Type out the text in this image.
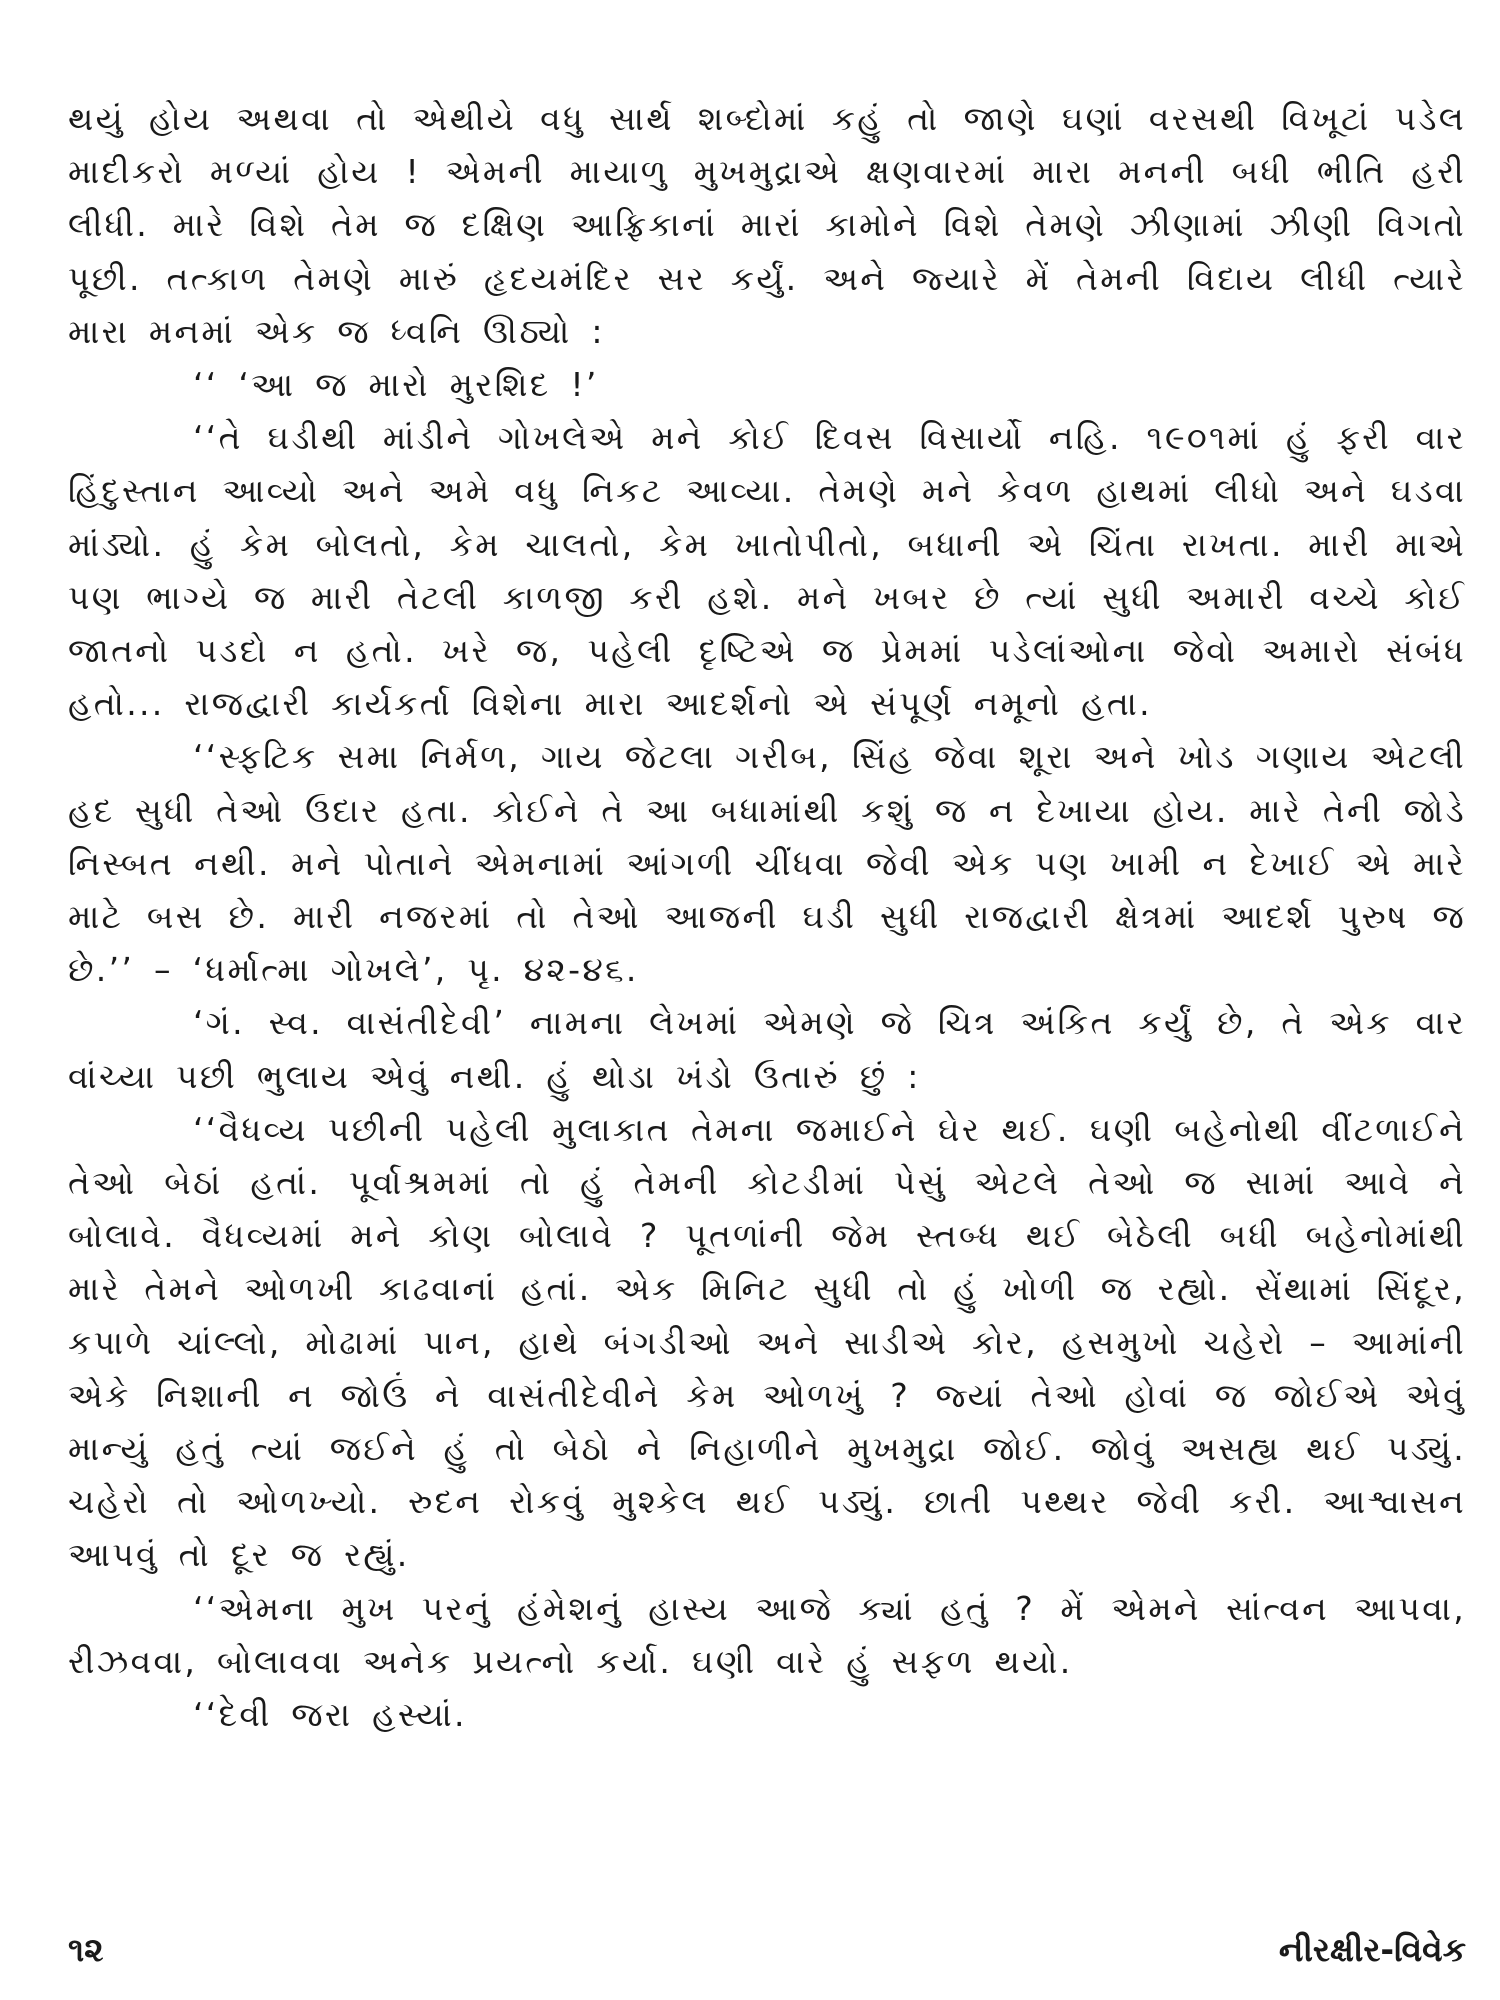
થયું હોય અથવા તો એથીયે વધુ સાર્થ શબ્દોમાં કહું તો જાણે ઘણાં વરસથી વિખૂટાં પડેલ માદીકરો મળ્યાં હોય ! એમની માયાળુ મુખમુદ્રાએ ક્ષણવારમાં મારા મનની બધી ભીતિ હરી લીધી. મારે વિશે તેમ જ દક્ષિણ આફ્રિકાનાં મારાં કામોને વિશે તેમણે ઝીણામાં ઝીણી વિગતો પૂછી. તત્કાળ તેમણે મારું હૃદયમંદિર સર કર્યું. અને જ્યારે મેં તેમની વિદાય લીધી ત્યારે મારા મનમાં એક જ ધ્વનિ ઊઠ્યો :

‘‘ ‘આ જ મારો મુરશિદ !’

‘‘તે ઘડીથી માંડીને ગોખલેએ મને કોઈ દિવસ વિસાર્યો નહિ. ૧૯૦૧માં હું ફરી વાર હિંદુસ્તાન આવ્યો અને અમે વધુ નિકટ આવ્યા. તેમણે મને કેવળ હાથમાં લીધો અને ઘડવા માંડ્યો. હું કેમ બોલતો, કેમ ચાલતો, કેમ ખાતોપીતો, બધાની એ ચિંતા રાખતા. મારી માએ પણ ભાગ્યે જ મારી તેટલી કાળજી કરી હશે. મને ખબર છે ત્યાં સુધી અમારી વચ્ચે કોઈ જાતનો પડદો ન હતો. ખરે જ, પહેલી દૃષ્ટિએ જ પ્રેમમાં પડેલાંઓના જેવો અમારો સંબંધ હતો... રાજદ્વારી કાર્યકર્તા વિશેના મારા આદર્શનો એ સંપૂર્ણ નમૂનો હતા.

‘‘સ્ફટિક સમા નિર્મળ, ગાય જેટલા ગરીબ, સિંહ જેવા શૂરા અને ખોડ ગણાય એટલી હદ સુધી તેઓ ઉદાર હતા. કોઈને તે આ બધામાંથી કશું જ ન દેખાયા હોય. મારે તેની જોડે નિસ્બત નથી. મને પોતાને એમનામાં આંગળી ચીંધવા જેવી એક પણ ખામી ન દેખાઈ એ મારે માટે બસ છે. મારી નજરમાં તો તેઓ આજની ઘડી સુધી રાજદ્વારી ક્ષેત્રમાં આદર્શ પુરુષ જ છે.’’ – ‘ધર્માત્મા ગોખલે’, પૃ. ૪૨-૪૬.

‘ગં. સ્વ. વાસંતીદેવી’ નામના લેખમાં એમણે જે ચિત્ર અંકિત કર્યું છે, તે એક વાર વાંચ્યા પછી ભુલાય એવું નથી. હું થોડા ખંડો ઉતારું છું :

‘‘વૈધવ્ય પછીની પહેલી મુલાકાત તેમના જમાઈને ઘેર થઈ. ઘણી બહેનોથી વીંટળાઈને તેઓ બેઠાં હતાં. પૂર્વાશ્રમમાં તો હું તેમની કોટડીમાં પેસું એટલે તેઓ જ સામાં આવે ને બોલાવે. વૈધવ્યમાં મને કોણ બોલાવે ? પૂતળાંની જેમ સ્તબ્ધ થઈ બેઠેલી બધી બહેનોમાંથી મારે તેમને ઓળખી કાઢવાનાં હતાં. એક મિનિટ સુધી તો હું ખોળી જ રહ્યો. સેંથામાં સિંદૂર, કપાળે ચાંલ્લો, મોઢામાં પાન, હાથે બંગડીઓ અને સાડીએ કોર, હસમુખો ચહેરો – આમાંની એકે નિશાની ન જોઉં ને વાસંતીદેવીને કેમ ઓળખું ? જ્યાં તેઓ હોવાં જ જોઈએ એવું માન્યું હતું ત્યાં જઈને હું તો બેઠો ને નિહાળીને મુખમુદ્રા જોઈ. જોવું અસહ્ય થઈ પડ્યું. ચહેરો તો ઓળખ્યો. રુદન રોકવું મુશ્કેલ થઈ પડ્યું. છાતી પથ્થર જેવી કરી. આશ્વાસન આપવું તો દૂર જ રહ્યું.

‘‘એમના મુખ પરનું હંમેશનું હાસ્ય આજે ક્યાં હતું ? મેં એમને સાંત્વન આપવા, રીઝવવા, બોલાવવા અનેક પ્રયત્નો કર્યા. ઘણી વારે હું સફળ થયો.

‘‘દેવી જરા હસ્યાં.

૧૨	નીરક્ષીર-વિવેક
